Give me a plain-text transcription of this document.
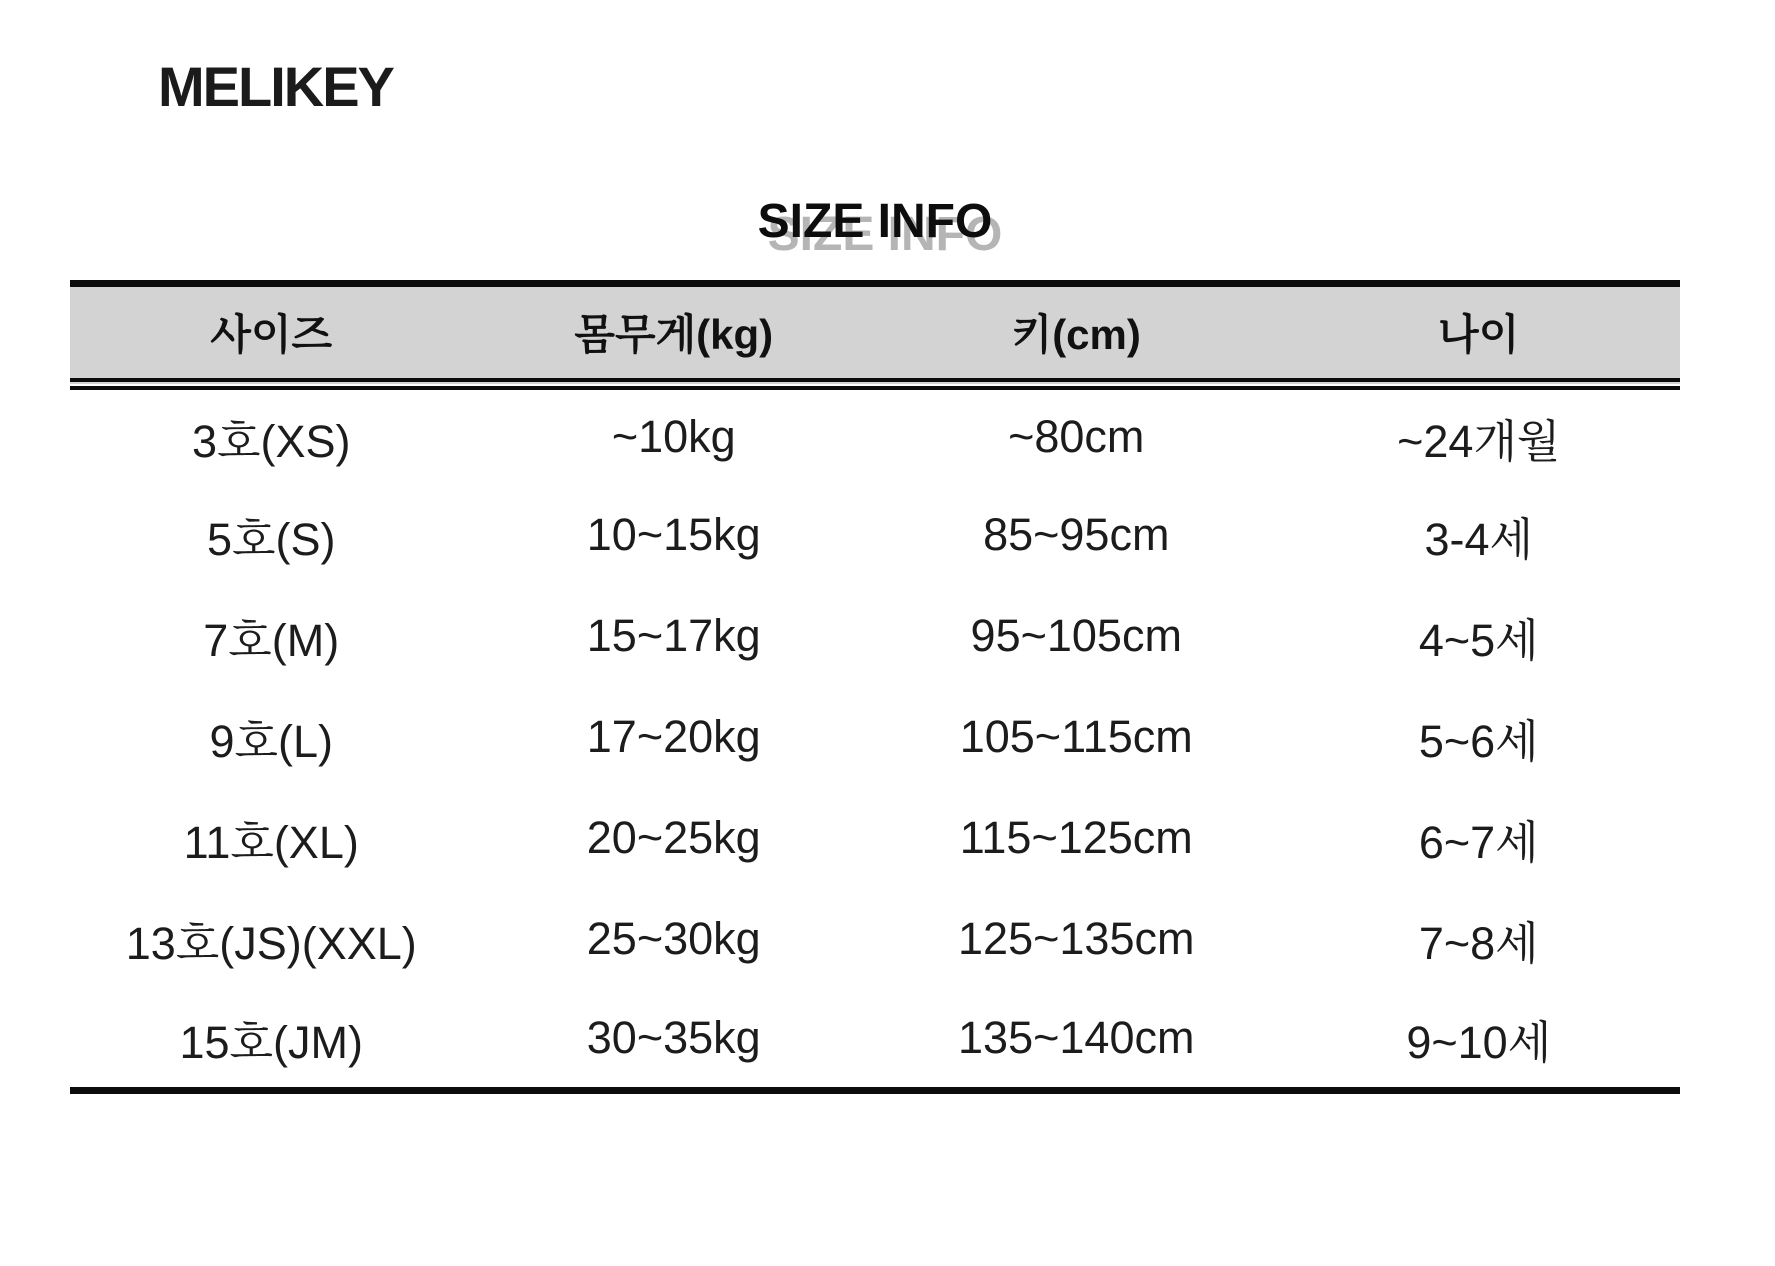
MELIKEY
SIZE INFO
사이즈	몸무게(kg)	키(cm)	나이
3호(XS)	~10kg	~80cm	~24개월
5호(S)	10~15kg	85~95cm	3-4세
7호(M)	15~17kg	95~105cm	4~5세
9호(L)	17~20kg	105~115cm	5~6세
11호(XL)	20~25kg	115~125cm	6~7세
13호(JS)(XXL)	25~30kg	125~135cm	7~8세
15호(JM)	30~35kg	135~140cm	9~10세
